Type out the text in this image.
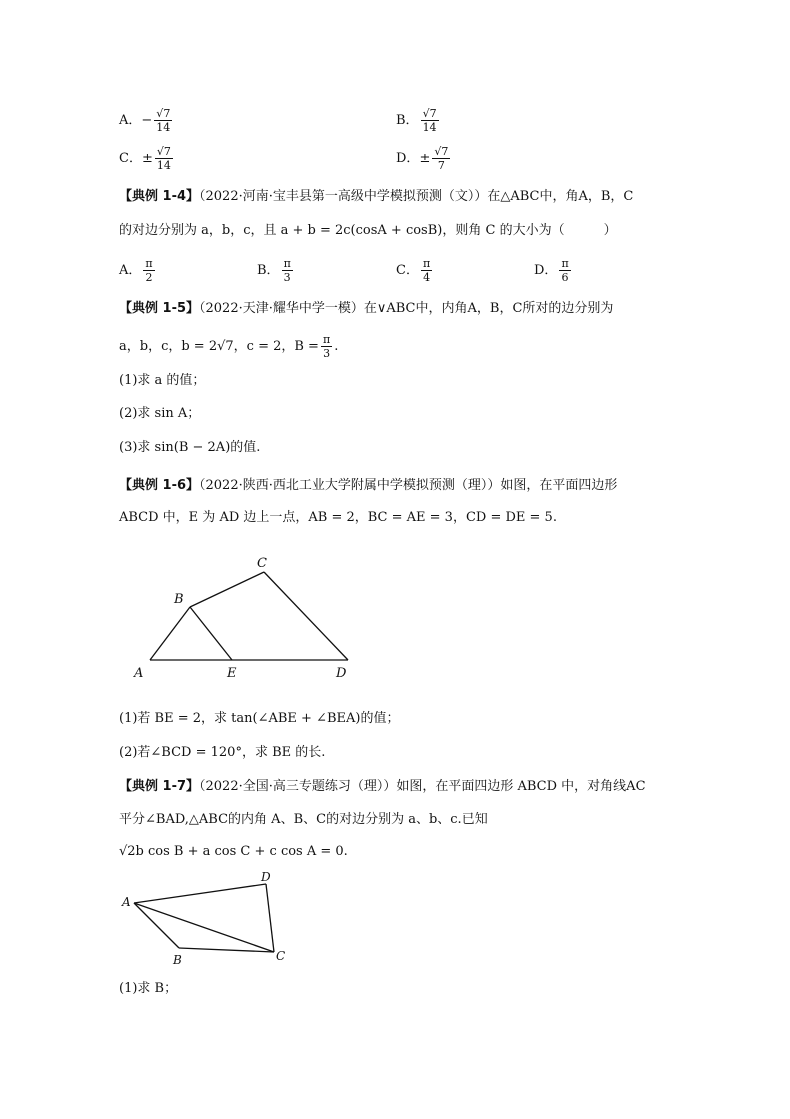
A．− $\frac{√7}{14}$	B． $\frac{√7}{14}$
C．± $\frac{√7}{14}$	D．± $\frac{√7}{7}$
【典例 1-4】（2022·河南·宝丰县第一高级中学模拟预测（文））在△ABC中，角A，B，C
的对边分别为 a，b，c，且 a + b = 2c(cosA + cosB)，则角 C 的大小为（　　　）
A． $\frac{\pi}{2}$	B． $\frac{\pi}{3}$	C． $\frac{\pi}{4}$	D． $\frac{\pi}{6}$
【典例 1-5】（2022·天津·耀华中学一模）在∨ABC中，内角A，B，C所对的边分别为
a，b，c，b = 2√7，c = 2，$B = \frac{\pi}{3}$ .
(1)求 a 的值；
(2)求 sin A；
(3)求 sin(B − 2A)的值.
【典例 1-6】（2022·陕西·西北工业大学附属中学模拟预测（理））如图，在平面四边形
ABCD 中，E 为 AD 边上一点，AB = 2，BC = AE = 3，CD = DE = 5.
A
B
C
D
E
(1)若 BE = 2，求 tan(∠ABE + ∠BEA)的值；
(2)若∠BCD = 120°，求 BE 的长.
【典例 1-7】（2022·全国·高三专题练习（理））如图，在平面四边形 ABCD 中，对角线AC
平分∠BAD,△ABC的内角 A、B、C的对边分别为 a、b、c.已知
√2b cos B + a cos C + c cos A = 0.
A
B	C
D
(1)求 B；
